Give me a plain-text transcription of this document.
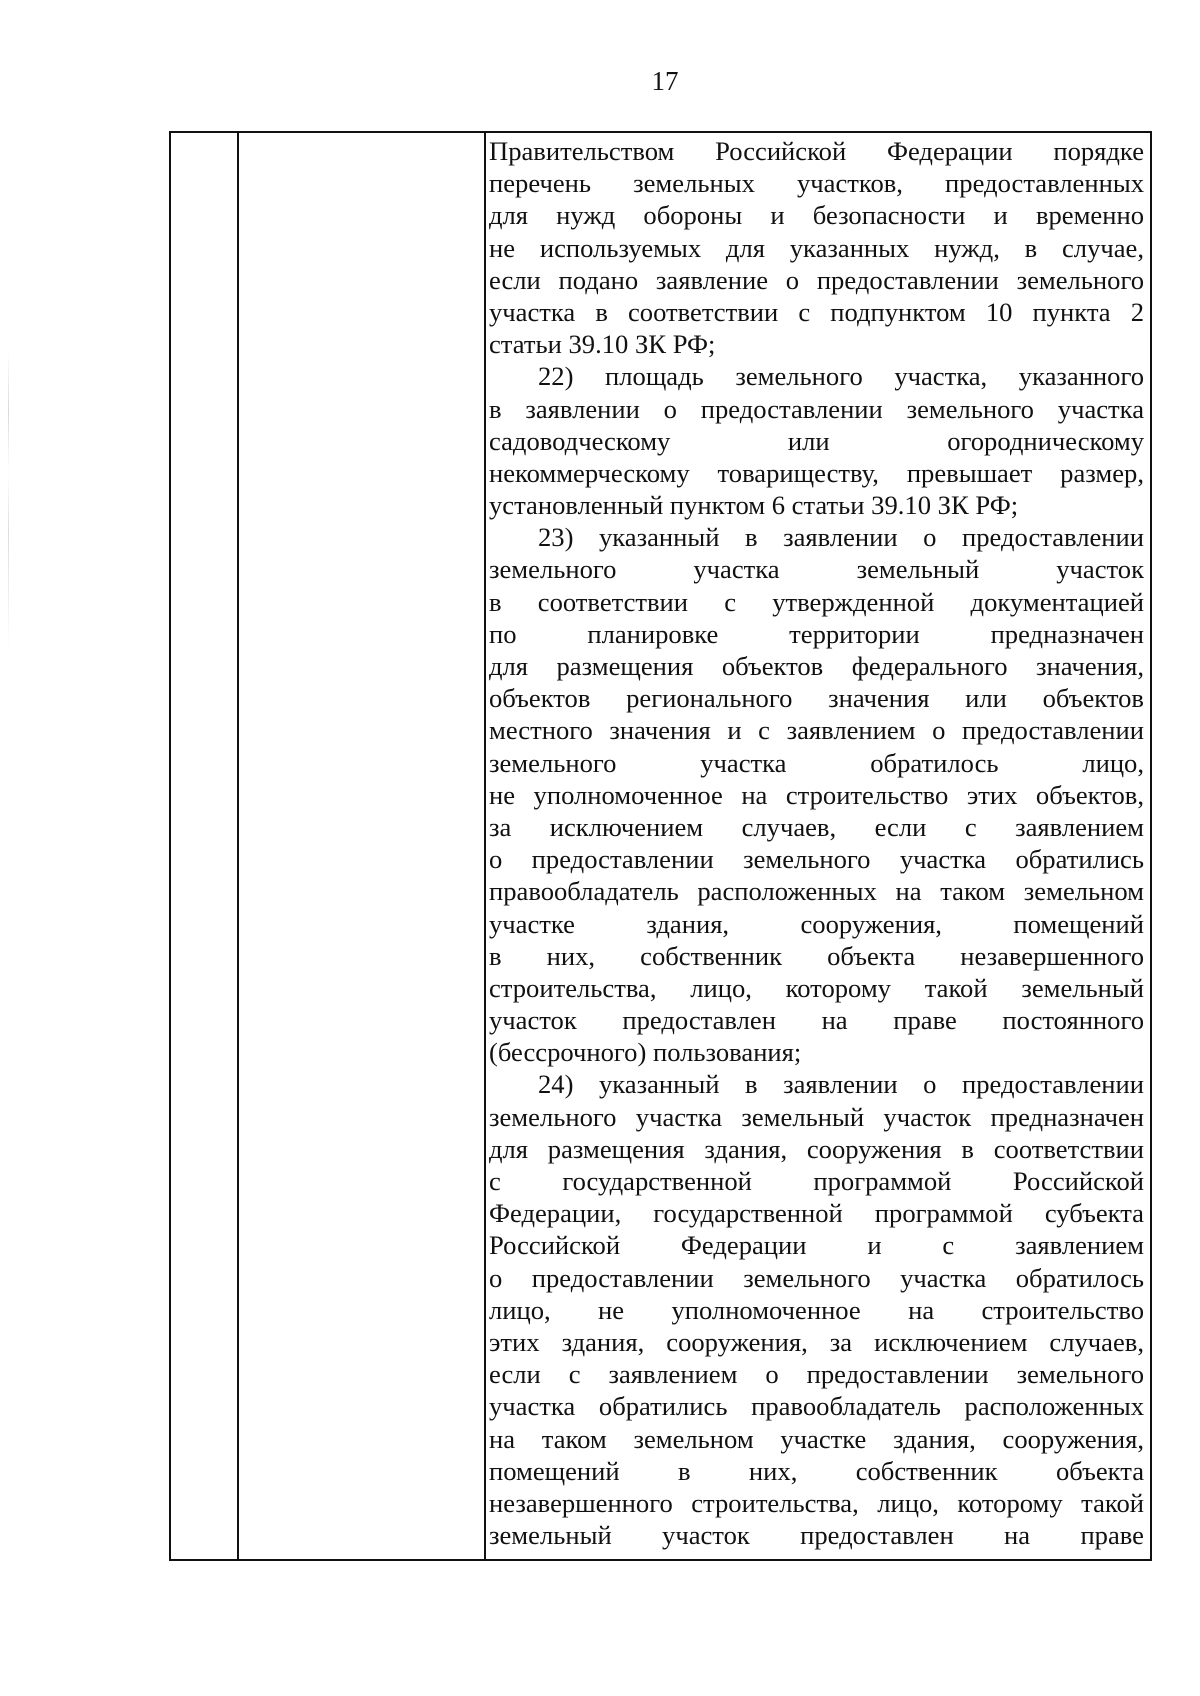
17
Правительством Российской Федерации порядке
перечень земельных участков, предоставленных
для нужд обороны и безопасности и временно
не используемых для указанных нужд, в случае,
если подано заявление о предоставлении земельного
участка в соответствии с подпунктом 10 пункта 2
статьи 39.10 ЗК РФ;
22) площадь земельного участка, указанного
в заявлении о предоставлении земельного участка
садоводческому или огородническому
некоммерческому товариществу, превышает размер,
установленный пунктом 6 статьи 39.10 ЗК РФ;
23) указанный в заявлении о предоставлении
земельного участка земельный участок
в соответствии с утвержденной документацией
по планировке территории предназначен
для размещения объектов федерального значения,
объектов регионального значения или объектов
местного значения и с заявлением о предоставлении
земельного участка обратилось лицо,
не уполномоченное на строительство этих объектов,
за исключением случаев, если с заявлением
о предоставлении земельного участка обратились
правообладатель расположенных на таком земельном
участке здания, сооружения, помещений
в них, собственник объекта незавершенного
строительства, лицо, которому такой земельный
участок предоставлен на праве постоянного
(бессрочного) пользования;
24) указанный в заявлении о предоставлении
земельного участка земельный участок предназначен
для размещения здания, сооружения в соответствии
с государственной программой Российской
Федерации, государственной программой субъекта
Российской Федерации и с заявлением
о предоставлении земельного участка обратилось
лицо, не уполномоченное на строительство
этих здания, сооружения, за исключением случаев,
если с заявлением о предоставлении земельного
участка обратились правообладатель расположенных
на таком земельном участке здания, сооружения,
помещений в них, собственник объекта
незавершенного строительства, лицо, которому такой
земельный участок предоставлен на праве
